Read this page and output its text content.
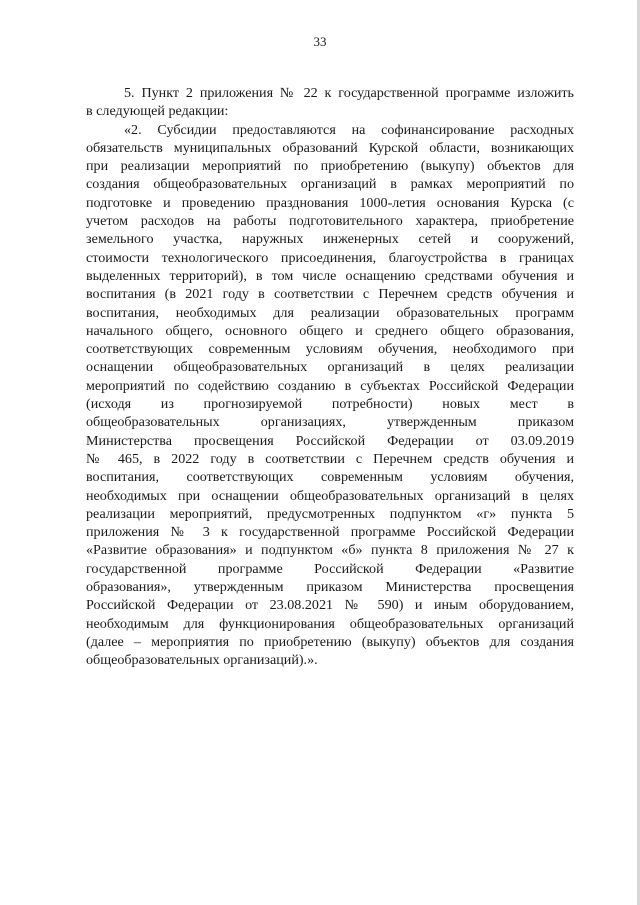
33
5. Пункт 2 приложения № 22 к государственной программе изложить
в следующей редакции:
«2. Субсидии предоставляются на софинансирование расходных
обязательств муниципальных образований Курской области, возникающих
при реализации мероприятий по приобретению (выкупу) объектов для
создания общеобразовательных организаций в рамках мероприятий по
подготовке и проведению празднования 1000-летия основания Курска (с
учетом расходов на работы подготовительного характера, приобретение
земельного участка, наружных инженерных сетей и сооружений,
стоимости технологического присоединения, благоустройства в границах
выделенных территорий), в том числе оснащению средствами обучения и
воспитания (в 2021 году в соответствии с Перечнем средств обучения и
воспитания, необходимых для реализации образовательных программ
начального общего, основного общего и среднего общего образования,
соответствующих современным условиям обучения, необходимого при
оснащении общеобразовательных организаций в целях реализации
мероприятий по содействию созданию в субъектах Российской Федерации
(исходя из прогнозируемой потребности) новых мест в
общеобразовательных организациях, утвержденным приказом
Министерства просвещения Российской Федерации от 03.09.2019
№ 465, в 2022 году в соответствии с Перечнем средств обучения и
воспитания, соответствующих современным условиям обучения,
необходимых при оснащении общеобразовательных организаций в целях
реализации мероприятий, предусмотренных подпунктом «г» пункта 5
приложения № 3 к государственной программе Российской Федерации
«Развитие образования» и подпунктом «б» пункта 8 приложения № 27 к
государственной программе Российской Федерации «Развитие
образования», утвержденным приказом Министерства просвещения
Российской Федерации от 23.08.2021 № 590) и иным оборудованием,
необходимым для функционирования общеобразовательных организаций
(далее – мероприятия по приобретению (выкупу) объектов для создания
общеобразовательных организаций).».
